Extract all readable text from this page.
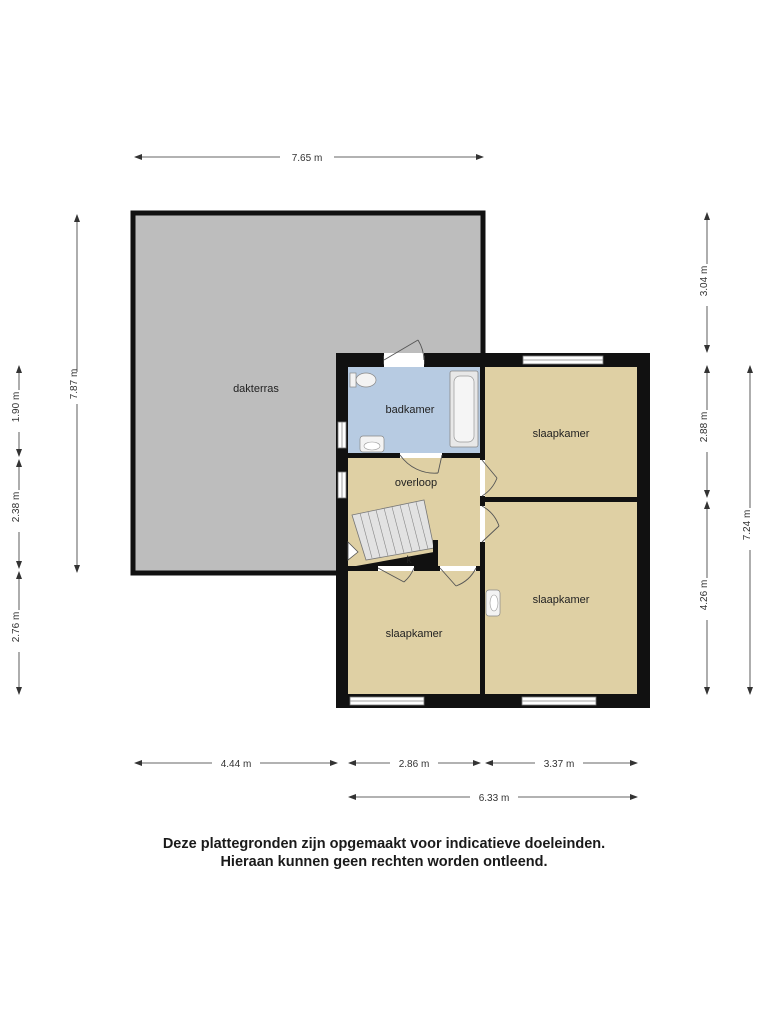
dakterras
badkamer
overloop
slaapkamer
slaapkamer
slaapkamer
k
7.65 m
7.87 m
1.90 m
2.38 m
2.76 m
3.04 m
2.88 m
4.26 m
7.24 m
4.44 m	2.86 m	3.37 m
6.33 m
Deze plattegronden zijn opgemaakt voor indicatieve doeleinden.
Hieraan kunnen geen rechten worden ontleend.
